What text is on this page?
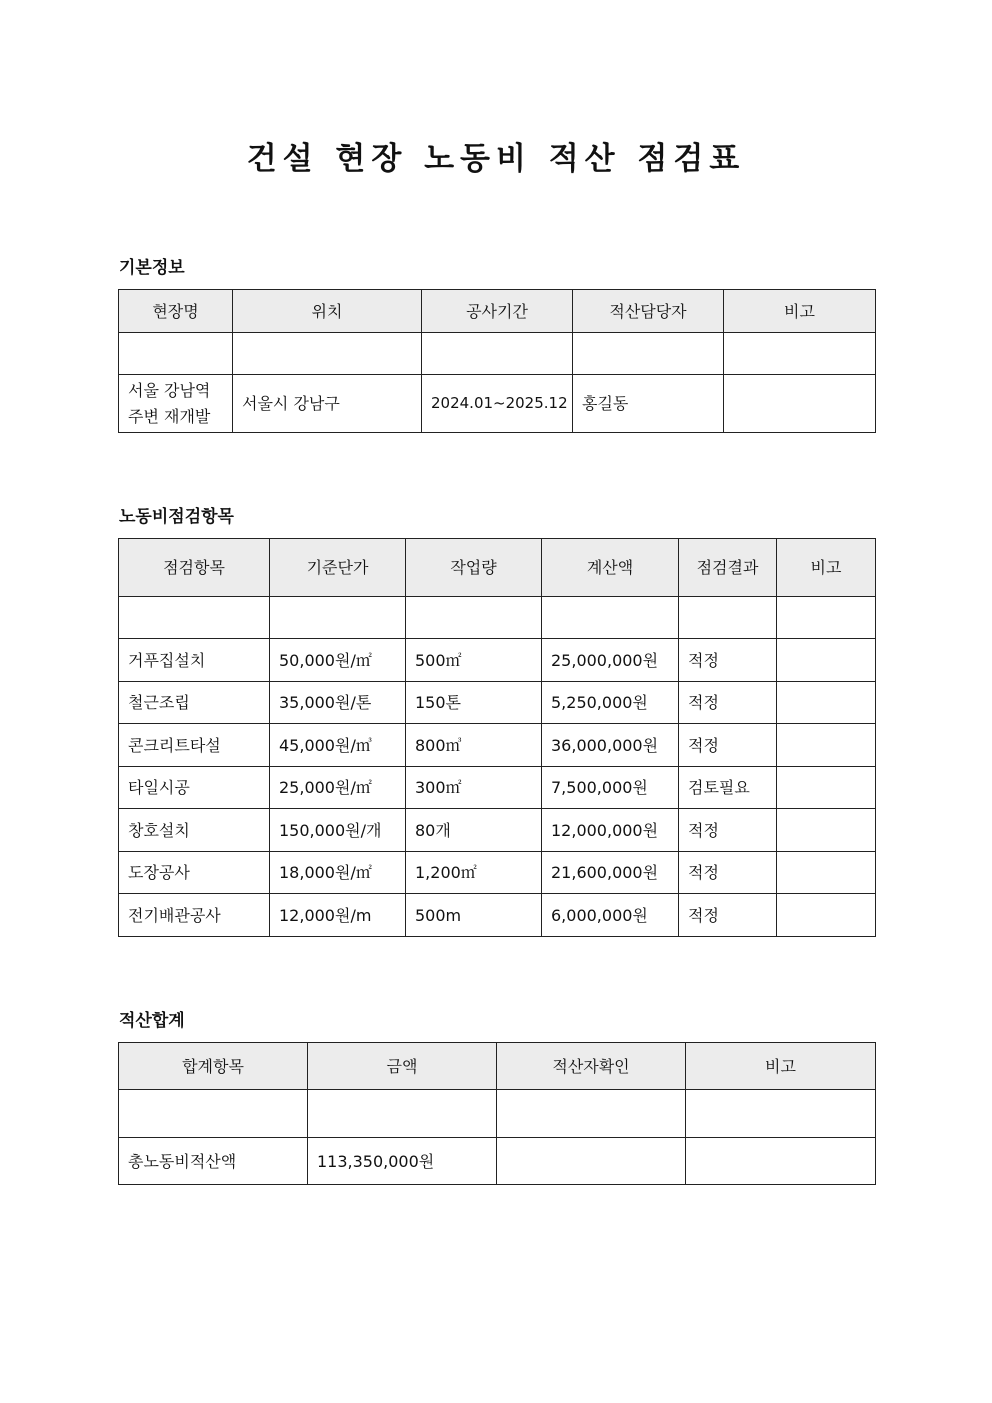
건설 현장 노동비 적산 점검표
기본정보
현장명	위치	공사기간	적산담당자	비고

서울 강남역 주변 재개발	서울시 강남구	2024.01~2025.12	홍길동	
노동비점검항목
점검항목	기준단가	작업량	계산액	점검결과	비고

거푸집설치	50,000원/㎡	500㎡	25,000,000원	적정	
철근조립	35,000원/톤	150톤	5,250,000원	적정	
콘크리트타설	45,000원/㎥	800㎥	36,000,000원	적정	
타일시공	25,000원/㎡	300㎡	7,500,000원	검토필요	
창호설치	150,000원/개	80개	12,000,000원	적정	
도장공사	18,000원/㎡	1,200㎡	21,600,000원	적정	
전기배관공사	12,000원/m	500m	6,000,000원	적정	
적산합계
합계항목	금액	적산자확인	비고

총노동비적산액	113,350,000원		
